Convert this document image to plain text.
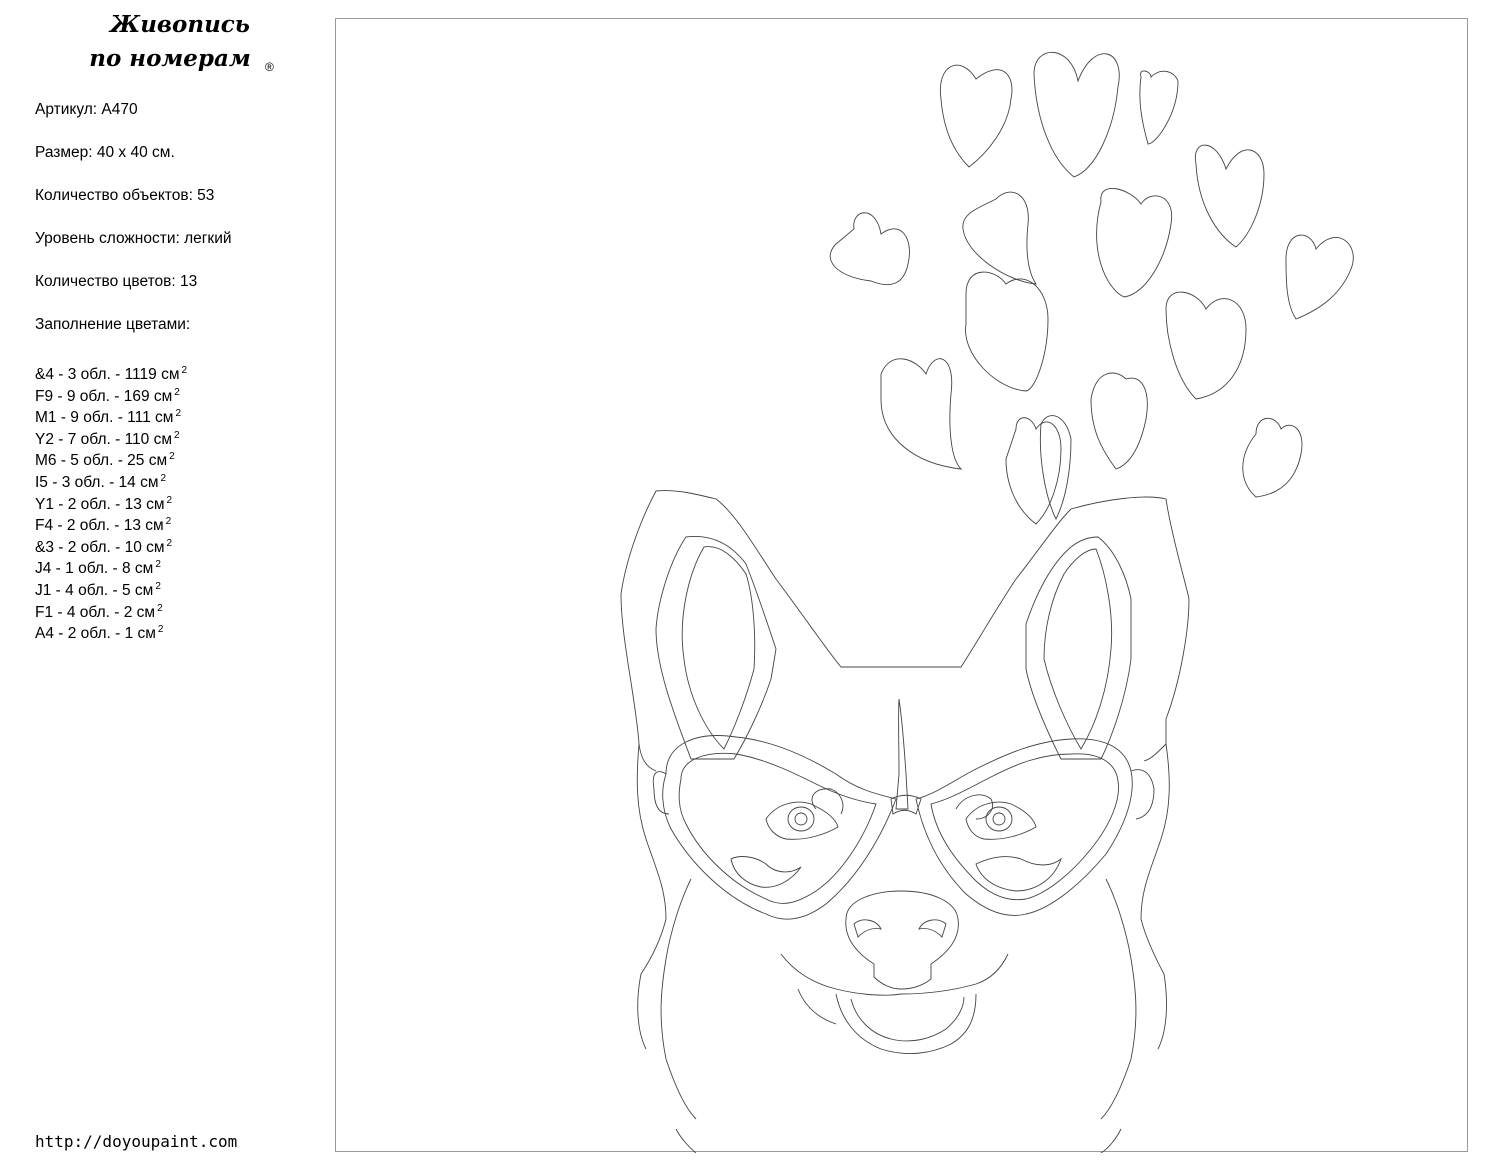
Живопись

по номерам	®
Артикул: A470
Размер: 40 x 40 см.
Количество объектов: 53
Уровень сложности: легкий
Количество цветов: 13
Заполнение цветами:
&4 - 3 обл. - 1119 см $^2$
F9 - 9 обл. - 169 см $^2$
M1 - 9 обл. - 111 см $^2$
Y2 - 7 обл. - 110 см $^2$
M6 - 5 обл. - 25 см $^2$
I5 - 3 обл. - 14 см $^2$
Y1 - 2 обл. - 13 см $^2$
F4 - 2 обл. - 13 см $^2$
&3 - 2 обл. - 10 см $^2$
J4 - 1 обл. - 8 см $^2$
J1 - 4 обл. - 5 см $^2$
F1 - 4 обл. - 2 см $^2$
A4 - 2 обл. - 1 см $^2$
http://doyoupaint.com
